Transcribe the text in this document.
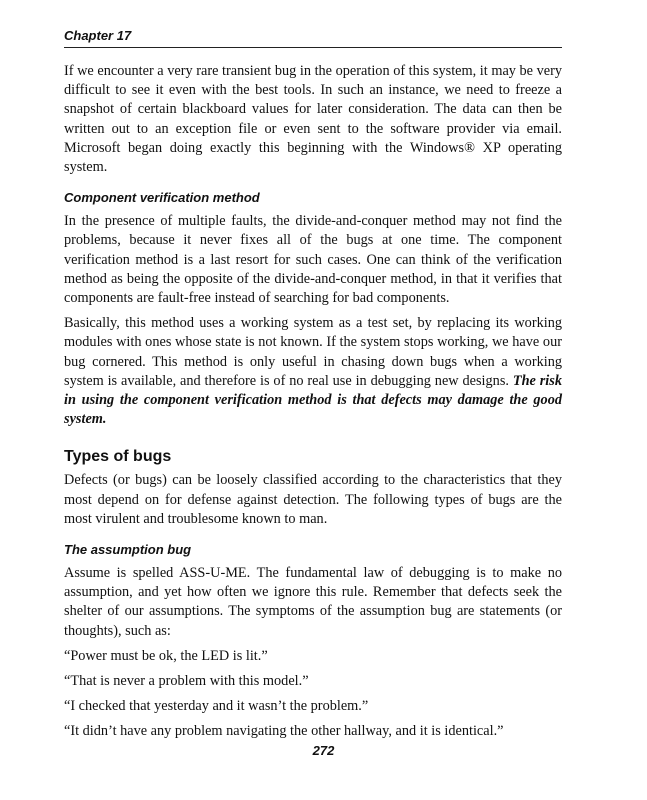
Chapter 17

If we encounter a very rare transient bug in the operation of this system, it may be very difficult to see it even with the best tools. In such an instance, we need to freeze a snapshot of certain blackboard values for later consideration. The data can then be written out to an exception file or even sent to the software provider via email. Microsoft began doing exactly this beginning with the Windows® XP operating system.

Component verification method

In the presence of multiple faults, the divide-and-conquer method may not find the problems, because it never fixes all of the bugs at one time. The component verification method is a last resort for such cases. One can think of the verification method as being the opposite of the divide-and-conquer method, in that it verifies that components are fault-free instead of searching for bad components.

Basically, this method uses a working system as a test set, by replacing its working modules with ones whose state is not known. If the system stops working, we have our bug cornered. This method is only useful in chasing down bugs when a working system is available, and therefore is of no real use in debugging new designs. The risk in using the component verification method is that defects may damage the good system.

Types of bugs

Defects (or bugs) can be loosely classified according to the characteristics that they most depend on for defense against detection. The following types of bugs are the most virulent and troublesome known to man.

The assumption bug

Assume is spelled ASS-U-ME. The fundamental law of debugging is to make no assumption, and yet how often we ignore this rule. Remember that defects seek the shelter of our assumptions. The symptoms of the assumption bug are statements (or thoughts), such as:

“Power must be ok, the LED is lit.”

“That is never a problem with this model.”

“I checked that yesterday and it wasn’t the problem.”

“It didn’t have any problem navigating the other hallway, and it is identical.”

272
